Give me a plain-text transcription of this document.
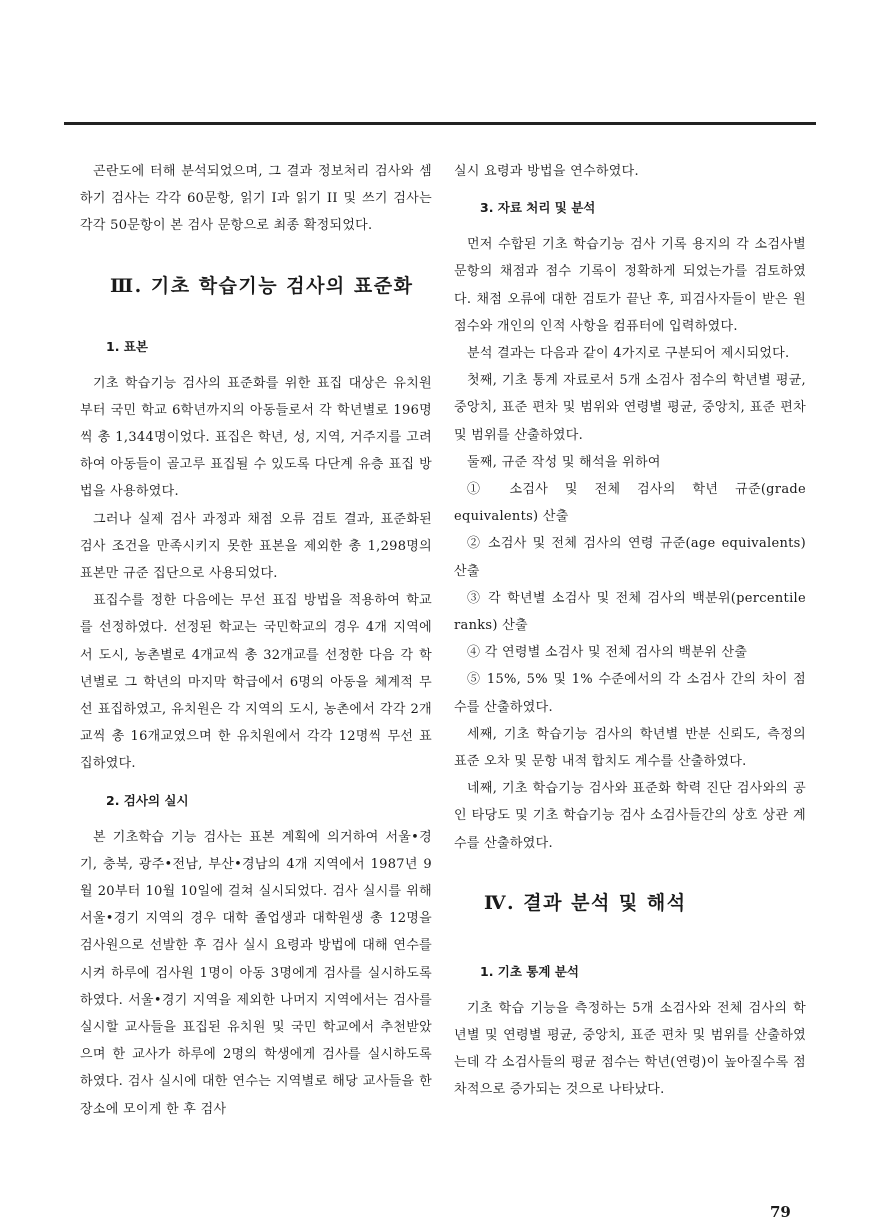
곤란도에 터해 분석되었으며, 그 결과 정보처리 검사와 셈하기 검사는 각각 60문항, 읽기 I과 읽기 II 및 쓰기 검사는 각각 50문항이 본 검사 문항으로 최종 확정되었다.

Ⅲ. 기초 학습기능 검사의 표준화
1. 표본

기초 학습기능 검사의 표준화를 위한 표집 대상은 유치원부터 국민 학교 6학년까지의 아동들로서 각 학년별로 196명씩 총 1,344명이었다. 표집은 학년, 성, 지역, 거주지를 고려하여 아동들이 골고루 표집될 수 있도록 다단계 유층 표집 방법을 사용하였다.

그러나 실제 검사 과정과 채점 오류 검토 결과, 표준화된 검사 조건을 만족시키지 못한 표본을 제외한 총 1,298명의 표본만 규준 집단으로 사용되었다.

표집수를 정한 다음에는 무선 표집 방법을 적용하여 학교를 선정하였다. 선정된 학교는 국민학교의 경우 4개 지역에서 도시, 농촌별로 4개교씩 총 32개교를 선정한 다음 각 학년별로 그 학년의 마지막 학급에서 6명의 아동을 체계적 무선 표집하였고, 유치원은 각 지역의 도시, 농촌에서 각각 2개교씩 총 16개교였으며 한 유치원에서 각각 12명씩 무선 표집하였다.

2. 검사의 실시

본 기초학습 기능 검사는 표본 계획에 의거하여 서울•경기, 충북, 광주•전남, 부산•경남의 4개 지역에서 1987년 9월 20부터 10월 10일에 걸쳐 실시되었다. 검사 실시를 위해 서울•경기 지역의 경우 대학 졸업생과 대학원생 총 12명을 검사원으로 선발한 후 검사 실시 요령과 방법에 대해 연수를 시켜 하루에 검사원 1명이 아동 3명에게 검사를 실시하도록 하였다. 서울•경기 지역을 제외한 나머지 지역에서는 검사를 실시할 교사들을 표집된 유치원 및 국민 학교에서 추천받았으며 한 교사가 하루에 2명의 학생에게 검사를 실시하도록 하였다. 검사 실시에 대한 연수는 지역별로 해당 교사들을 한 장소에 모이게 한 후 검사

실시 요령과 방법을 연수하였다.

3. 자료 처리 및 분석

먼저 수합된 기초 학습기능 검사 기록 용지의 각 소검사별 문항의 채점과 점수 기록이 정확하게 되었는가를 검토하였다. 채점 오류에 대한 검토가 끝난 후, 피검사자들이 받은 원점수와 개인의 인적 사항을 컴퓨터에 입력하였다.

분석 결과는 다음과 같이 4가지로 구분되어 제시되었다.

첫째, 기초 통계 자료로서 5개 소검사 점수의 학년별 평균, 중앙치, 표준 편차 및 범위와 연령별 평균, 중앙치, 표준 편차 및 범위를 산출하였다.

둘째, 규준 작성 및 해석을 위하여

① 소검사 및 전체 검사의 학년 규준(grade equivalents) 산출

② 소검사 및 전체 검사의 연령 규준(age equivalents) 산출

③ 각 학년별 소검사 및 전체 검사의 백분위(percentile ranks) 산출

④ 각 연령별 소검사 및 전체 검사의 백분위 산출

⑤ 15%, 5% 및 1% 수준에서의 각 소검사 간의 차이 점수를 산출하였다.

세째, 기초 학습기능 검사의 학년별 반분 신뢰도, 측정의 표준 오차 및 문항 내적 합치도 계수를 산출하였다.

네째, 기초 학습기능 검사와 표준화 학력 진단 검사와의 공인 타당도 및 기초 학습기능 검사 소검사들간의 상호 상관 계수를 산출하였다.

Ⅳ. 결과 분석 및 해석
1. 기초 통계 분석

기초 학습 기능을 측정하는 5개 소검사와 전체 검사의 학년별 및 연령별 평균, 중앙치, 표준 편차 및 범위를 산출하였는데 각 소검사들의 평균 점수는 학년(연령)이 높아질수록 점차적으로 증가되는 것으로 나타났다.

79
